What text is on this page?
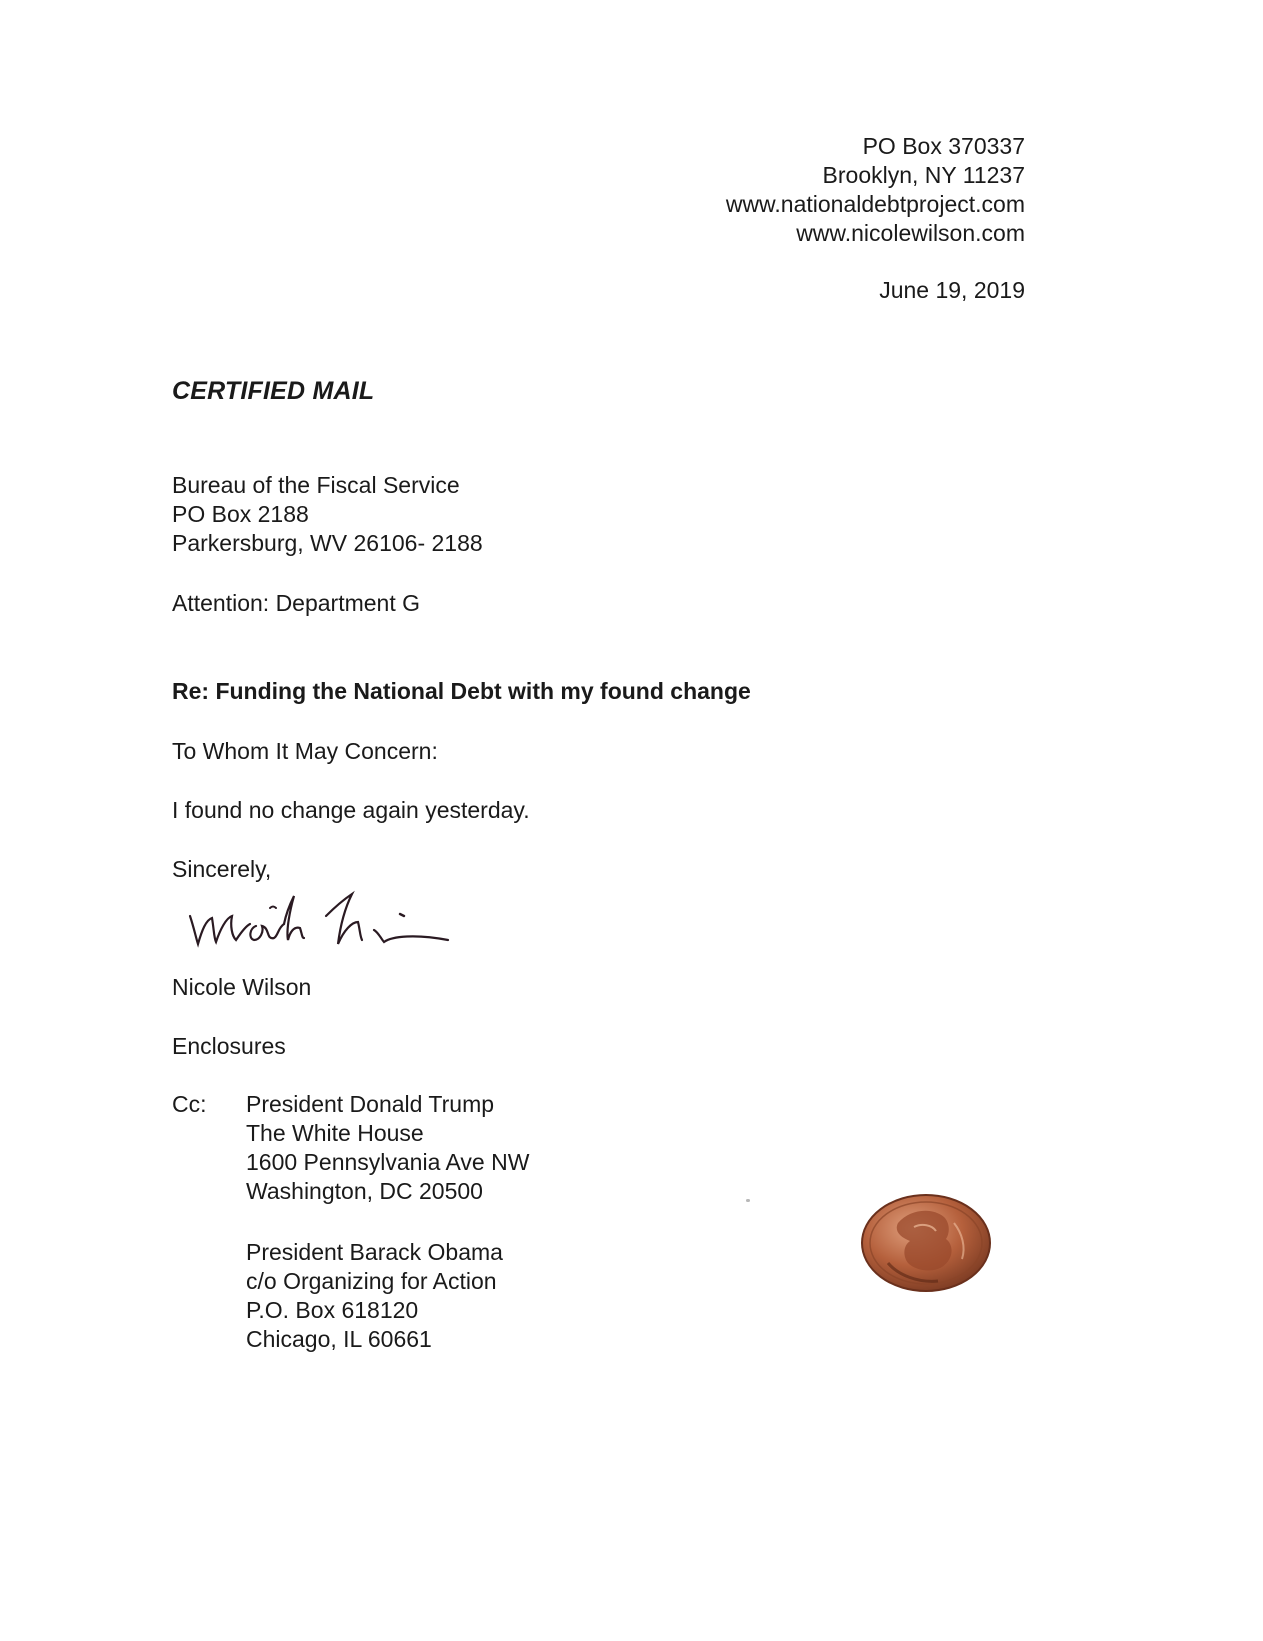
PO Box 370337
Brooklyn, NY 11237
www.nationaldebtproject.com
www.nicolewilson.com
June 19, 2019
CERTIFIED MAIL
Bureau of the Fiscal Service
PO Box 2188
Parkersburg, WV 26106- 2188
Attention: Department G
Re: Funding the National Debt with my found change
To Whom It May Concern:
I found no change again yesterday.
Sincerely,
Nicole Wilson
Enclosures
Cc: President Donald Trump
The White House
1600 Pennsylvania Ave NW
Washington, DC 20500
President Barack Obama
c/o Organizing for Action
P.O. Box 618120
Chicago, IL 60661
